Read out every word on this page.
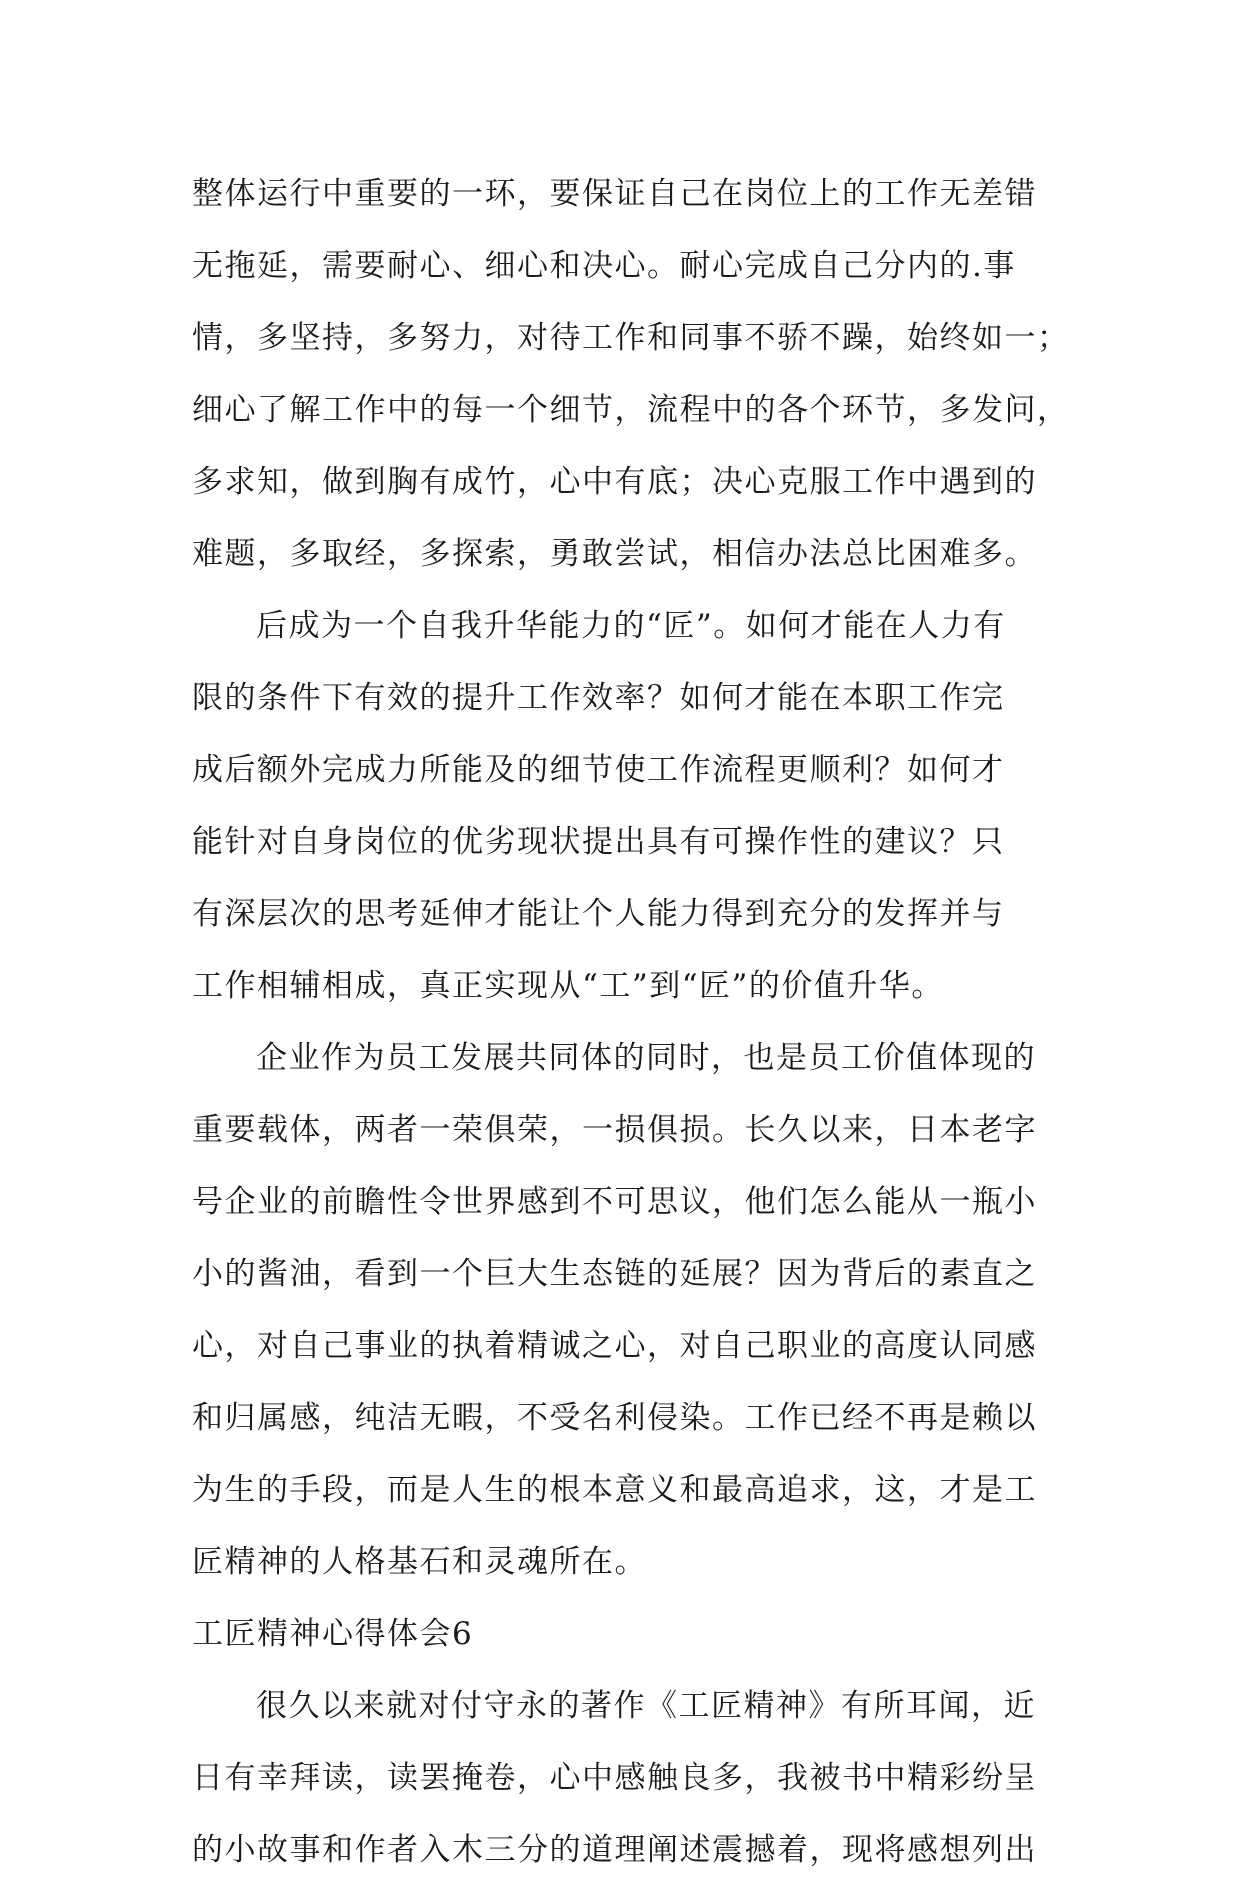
整体运行中重要的一环，要保证自己在岗位上的工作无差错
无拖延，需要耐心、细心和决心。耐心完成自己分内的.事
情，多坚持，多努力，对待工作和同事不骄不躁，始终如一；
细心了解工作中的每一个细节，流程中的各个环节，多发问，
多求知，做到胸有成竹，心中有底；决心克服工作中遇到的
难题，多取经，多探索，勇敢尝试，相信办法总比困难多。
后成为一个自我升华能力的“匠”。如何才能在人力有
限的条件下有效的提升工作效率？如何才能在本职工作完
成后额外完成力所能及的细节使工作流程更顺利？如何才
能针对自身岗位的优劣现状提出具有可操作性的建议？只
有深层次的思考延伸才能让个人能力得到充分的发挥并与
工作相辅相成，真正实现从“工”到“匠”的价值升华。
企业作为员工发展共同体的同时，也是员工价值体现的
重要载体，两者一荣俱荣，一损俱损。长久以来，日本老字
号企业的前瞻性令世界感到不可思议，他们怎么能从一瓶小
小的酱油，看到一个巨大生态链的延展？因为背后的素直之
心，对自己事业的执着精诚之心，对自己职业的高度认同感
和归属感，纯洁无暇，不受名利侵染。工作已经不再是赖以
为生的手段，而是人生的根本意义和最高追求，这，才是工
匠精神的人格基石和灵魂所在。
工匠精神心得体会6
很久以来就对付守永的著作《工匠精神》有所耳闻，近
日有幸拜读，读罢掩卷，心中感触良多，我被书中精彩纷呈
的小故事和作者入木三分的道理阐述震撼着，现将感想列出
